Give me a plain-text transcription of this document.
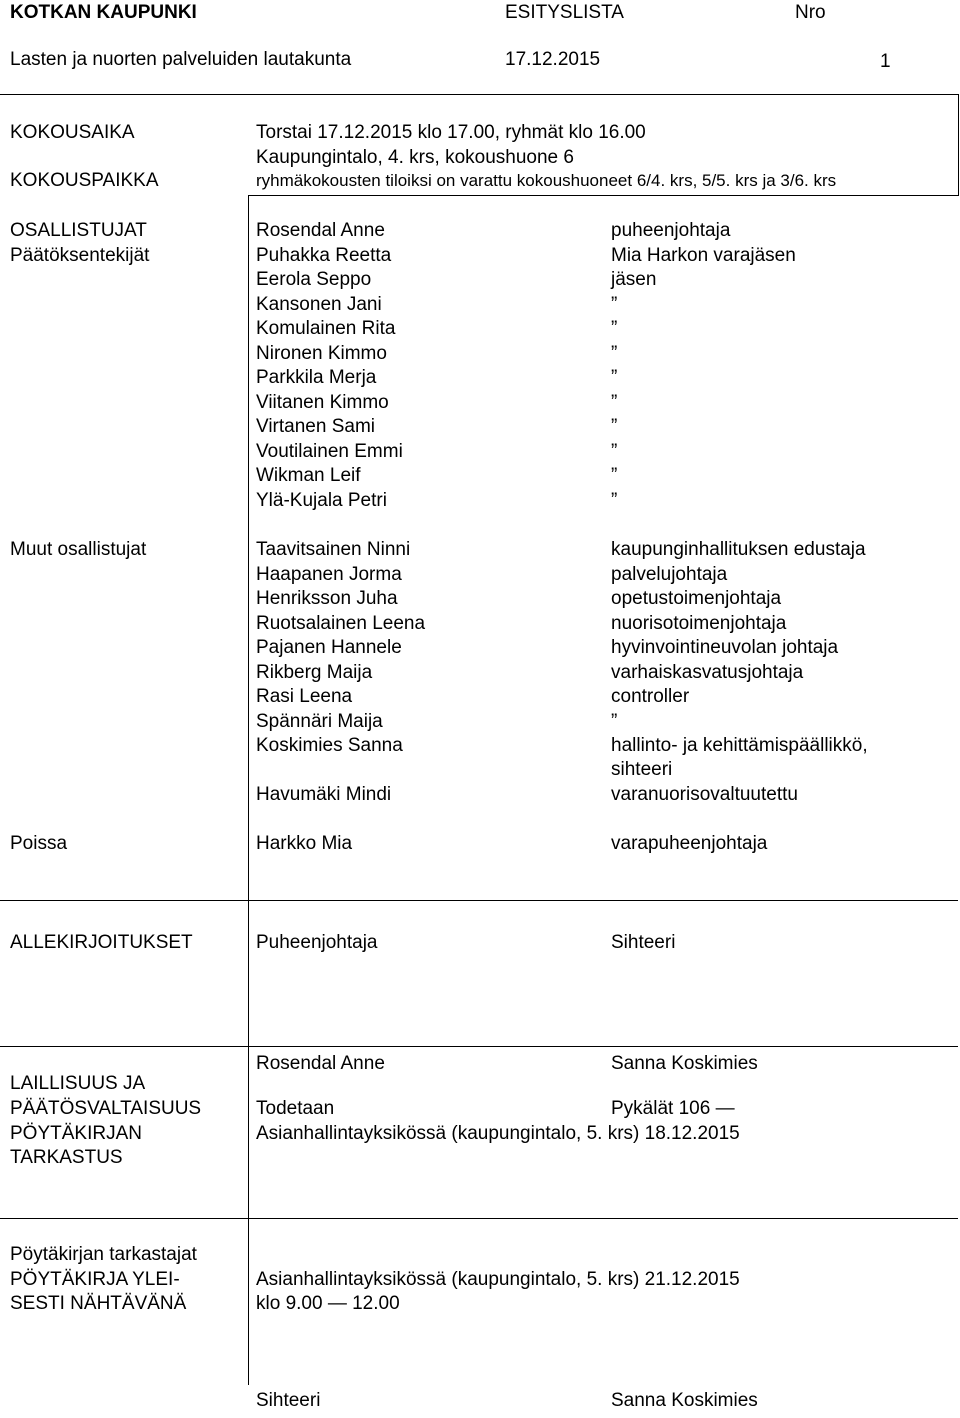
KOTKAN KAUPUNKI	ESITYSLISTA	Nro
Lasten ja nuorten palveluiden lautakunta	17.12.2015	1
KOKOUSAIKA	Torstai 17.12.2015 klo 17.00, ryhmät klo 16.00
Kaupungintalo, 4. krs, kokoushuone 6
KOKOUSPAIKKA	ryhmäkokousten tiloiksi on varattu kokoushuoneet 6/4. krs, 5/5. krs ja 3/6. krs
OSALLISTUJAT
Päätöksentekijät
Rosendal Anne	puheenjohtaja
Puhakka Reetta	Mia Harkon varajäsen
Eerola Seppo	jäsen
Kansonen Jani	”
Komulainen Rita	”
Nironen Kimmo	”
Parkkila Merja	”
Viitanen Kimmo	”
Virtanen Sami	”
Voutilainen Emmi	”
Wikman Leif	”
Ylä-Kujala Petri	”
Muut osallistujat	Taavitsainen Ninni	kaupunginhallituksen edustaja
Haapanen Jorma	palvelujohtaja
Henriksson Juha	opetustoimenjohtaja
Ruotsalainen Leena	nuorisotoimenjohtaja
Pajanen Hannele	hyvinvointineuvolan johtaja
Rikberg Maija	varhaiskasvatusjohtaja
Rasi Leena	controller
Spännäri Maija	”
Koskimies Sanna	hallinto- ja kehittämispäällikkö,
sihteeri
Havumäki Mindi	varanuorisovaltuutettu
Poissa	Harkko Mia	varapuheenjohtaja
ALLEKIRJOITUKSET	Puheenjohtaja	Sihteeri
Rosendal Anne	Sanna Koskimies
LAILLISUUS JA
PÄÄTÖSVALTAISUUS	Todetaan	Pykälät 106 —
PÖYTÄKIRJAN
TARKASTUS
Asianhallintayksikössä (kaupungintalo, 5. krs) 18.12.2015
Pöytäkirjan tarkastajat
PÖYTÄKIRJA YLEI-
SESTI NÄHTÄVÄNÄ
Asianhallintayksikössä (kaupungintalo, 5. krs) 21.12.2015
klo 9.00 — 12.00
Sihteeri	Sanna Koskimies
